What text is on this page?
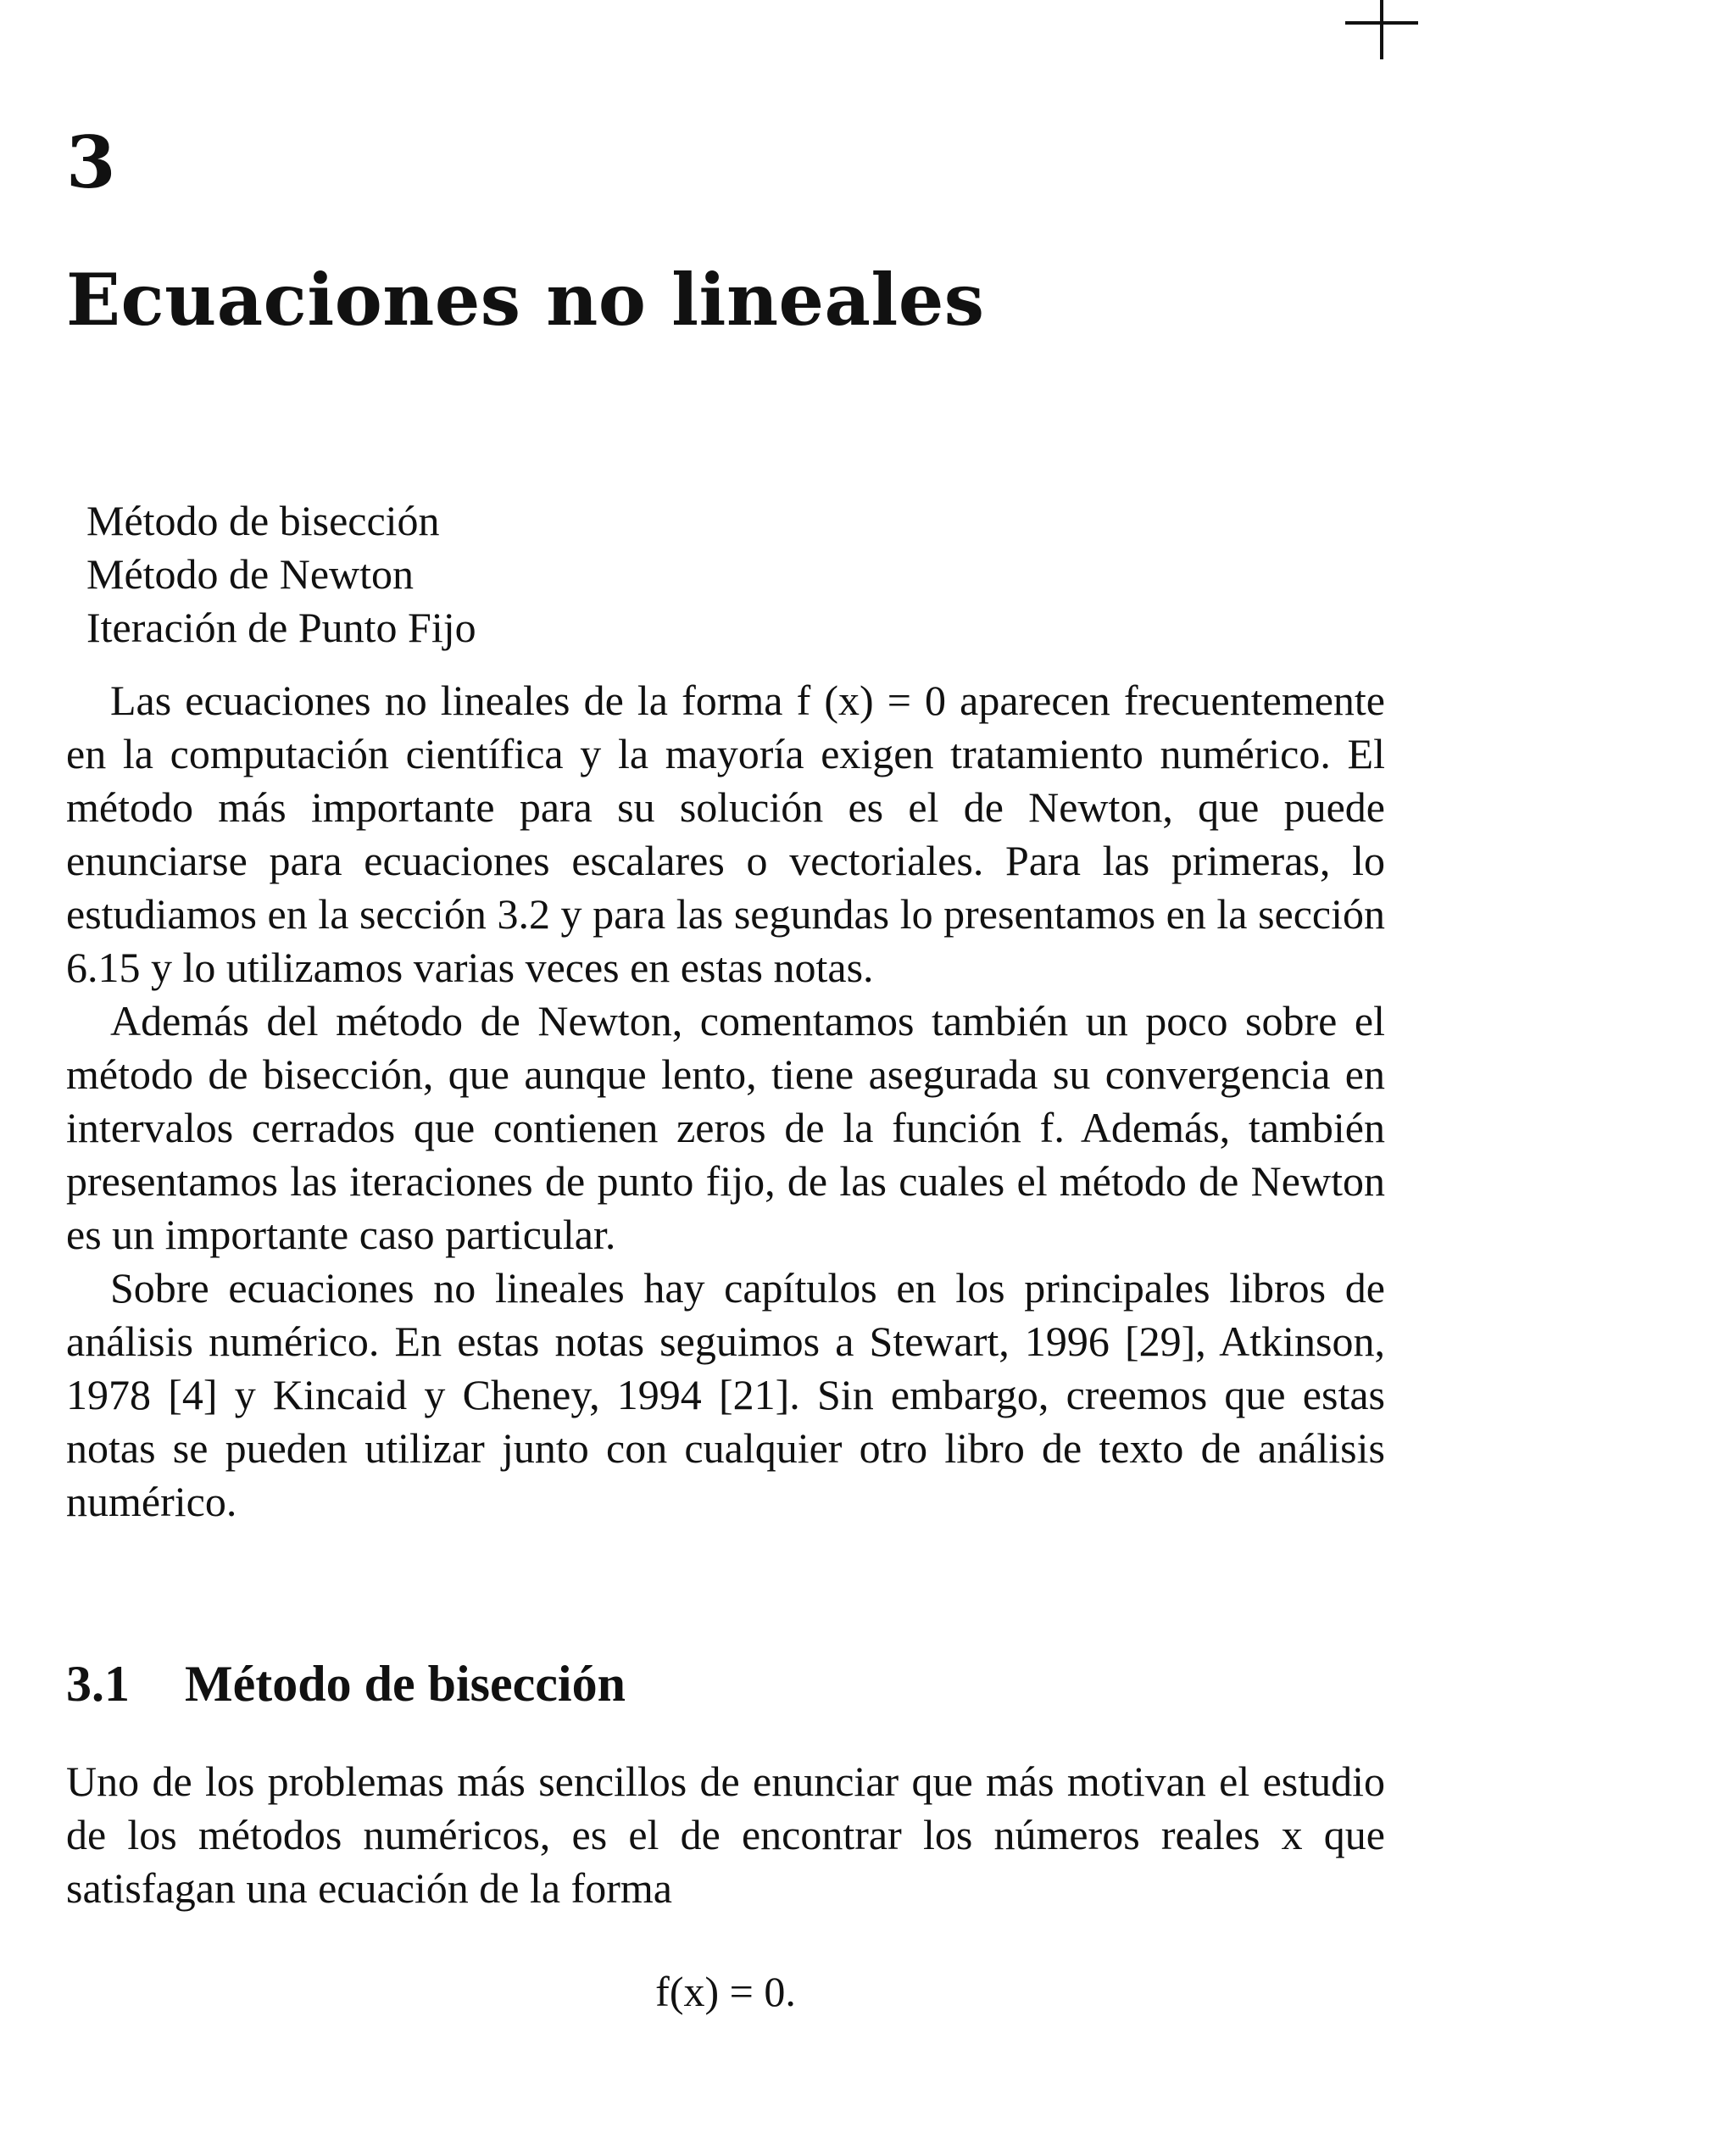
3
Ecuaciones no lineales
Método de bisección
Método de Newton
Iteración de Punto Fijo

Las ecuaciones no lineales de la forma f (x) = 0 aparecen frecuentemente en la computación científica y la mayoría exigen tratamiento numérico. El método más importante para su solución es el de Newton, que puede enunciarse para ecuaciones escalares o vectoriales. Para las primeras, lo estudiamos en la sección 3.2 y para las segundas lo presentamos en la sección 6.15 y lo utilizamos varias veces en estas notas.

Además del método de Newton, comentamos también un poco sobre el método de bisección, que aunque lento, tiene asegurada su convergencia en intervalos cerrados que contienen zeros de la función f. Además, también presentamos las iteraciones de punto fijo, de las cuales el método de Newton es un importante caso particular.

Sobre ecuaciones no lineales hay capítulos en los principales libros de análisis numérico. En estas notas seguimos a Stewart, 1996 [29], Atkinson, 1978 [4] y Kincaid y Cheney, 1994 [21]. Sin embargo, creemos que estas notas se pueden utilizar junto con cualquier otro libro de texto de análisis numérico.

3.1 Método de bisección

Uno de los problemas más sencillos de enunciar que más motivan el estudio de los métodos numéricos, es el de encontrar los números reales x que satisfagan una ecuación de la forma

f(x) = 0.
